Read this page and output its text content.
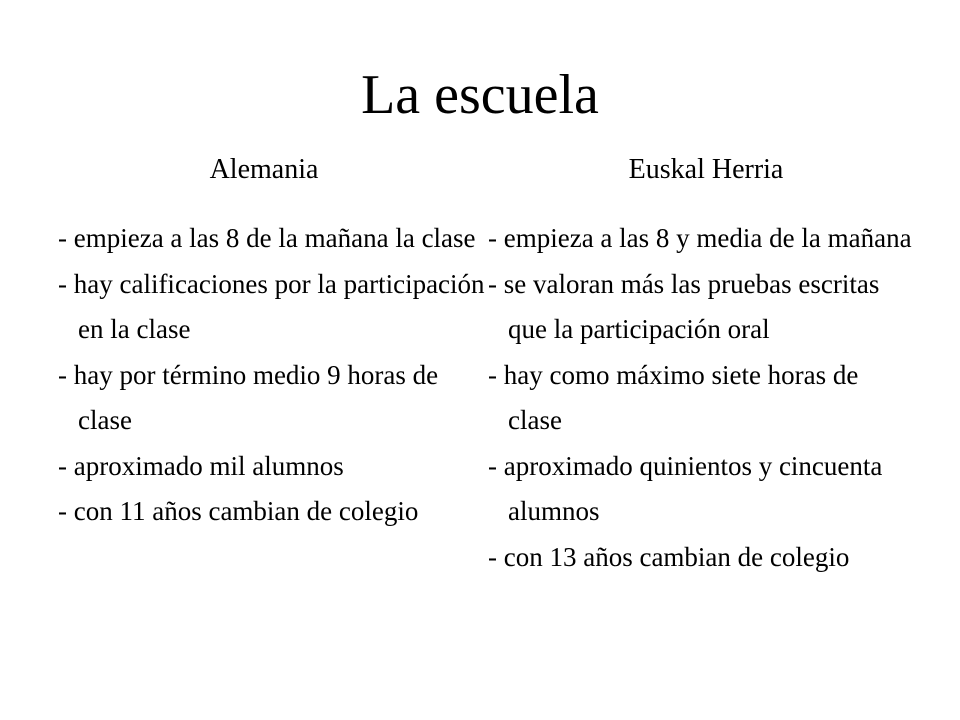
La escuela
Alemania
- empieza a las 8 de la mañana la clase
- hay calificaciones por la participación en la clase
- hay por término medio 9 horas de clase
- aproximado mil alumnos
- con 11 años cambian de colegio
Euskal Herria
- empieza a las 8 y media de la mañana
- se valoran más las pruebas escritas que la participación oral
- hay como máximo siete horas de clase
- aproximado quinientos y cincuenta alumnos
- con 13 años cambian de colegio
